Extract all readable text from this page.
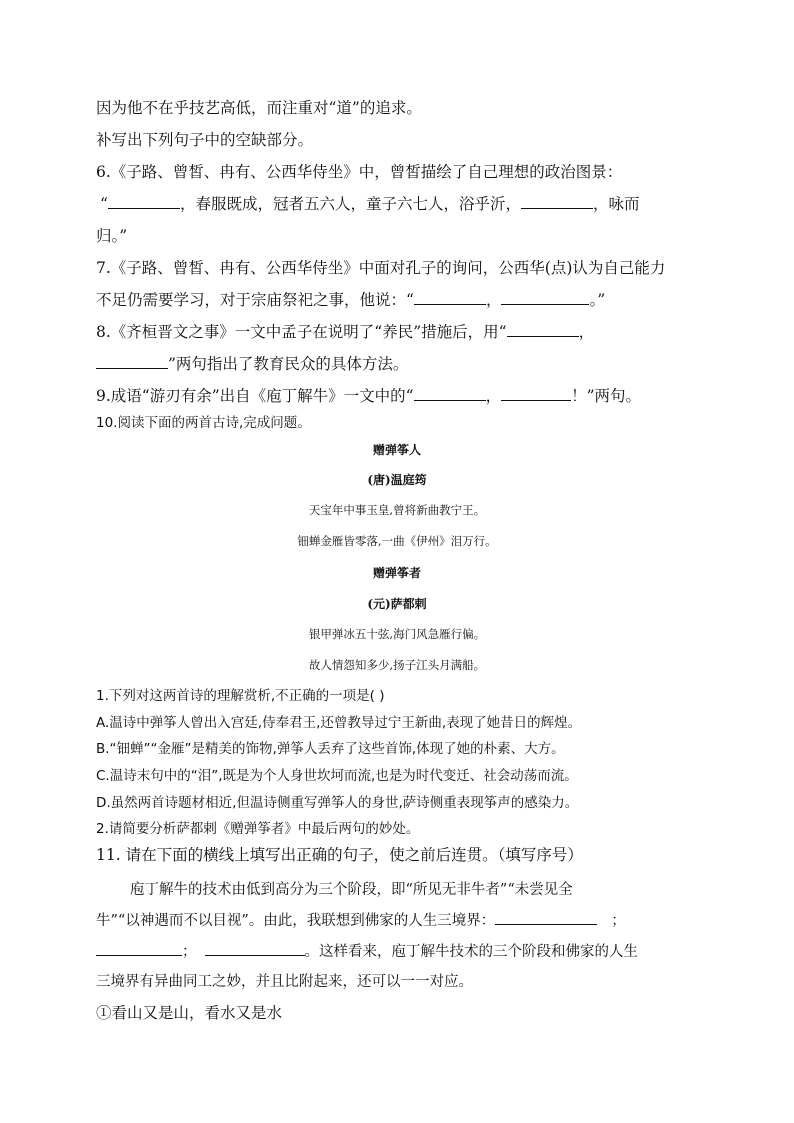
因为他不在乎技艺高低，而注重对“道”的追求。
补写出下列句子中的空缺部分。
6.《子路、曾皙、冉有、公西华侍坐》中，曾皙描绘了自己理想的政治图景：
“	，春服既成，冠者五六人，童子六七人，浴乎沂，	，咏而
归。”
7.《子路、曾皙、冉有、公西华侍坐》中面对孔子的询问，公西华(点)认为自己能力
不足仍需要学习，对于宗庙祭祀之事，他说：“	，	。”
8.《齐桓晋文之事》一文中孟子在说明了“养民”措施后，用“	，
”两句指出了教育民众的具体方法。
9.成语“游刃有余”出自《庖丁解牛》一文中的“	，	！”两句。
10.阅读下面的两首古诗,完成问题。
赠弹筝人
(唐)温庭筠
天宝年中事玉皇,曾将新曲教宁王。
钿蝉金雁皆零落,一曲《伊州》泪万行。
赠弹筝者
(元)萨都剌
银甲弹冰五十弦,海门风急雁行偏。
故人情怨知多少,扬子江头月满船。
1.下列对这两首诗的理解赏析,不正确的一项是( )
A.温诗中弹筝人曾出入宫廷,侍奉君王,还曾教导过宁王新曲,表现了她昔日的辉煌。
B.“钿蝉”“金雁”是精美的饰物,弹筝人丢弃了这些首饰,体现了她的朴素、大方。
C.温诗末句中的“泪”,既是为个人身世坎坷而流,也是为时代变迁、社会动荡而流。
D.虽然两首诗题材相近,但温诗侧重写弹筝人的身世,萨诗侧重表现筝声的感染力。
2.请简要分析萨都剌《赠弹筝者》中最后两句的妙处。
11. 请在下面的横线上填写出正确的句子，使之前后连贯。（填写序号）
庖丁解牛的技术由低到高分为三个阶段，即“所见无非牛者”“未尝见全
牛”“以神遇而不以目视”。由此，我联想到佛家的人生三境界：	；
；	。这样看来，庖丁解牛技术的三个阶段和佛家的人生
三境界有异曲同工之妙，并且比附起来，还可以一一对应。
①看山又是山，看水又是水
